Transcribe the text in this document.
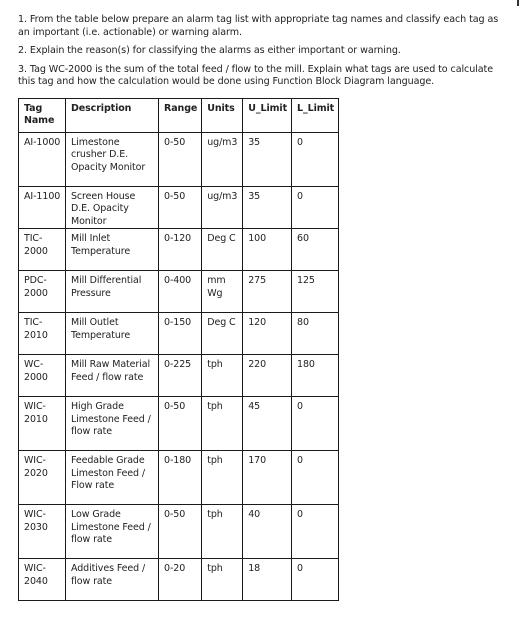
1. From the table below prepare an alarm tag list with appropriate tag names and classify each tag as an important (i.e. actionable) or warning alarm.

2. Explain the reason(s) for classifying the alarms as either important or warning.

3. Tag WC-2000 is the sum of the total feed / flow to the mill. Explain what tags are used to calculate this tag and how the calculation would be done using Function Block Diagram language.

Tag Name	Description	Range	Units	U_Limit	L_Limit
AI-1000	Limestone crusher D.E. Opacity Monitor	0-50	ug/m3	35	0
AI-1100	Screen House D.E. Opacity Monitor	0-50	ug/m3	35	0
TIC-2000	Mill Inlet Temperature	0-120	Deg C	100	60
PDC-2000	Mill Differential Pressure	0-400	mm Wg	275	125
TIC-2010	Mill Outlet Temperature	0-150	Deg C	120	80
WC-2000	Mill Raw Material Feed / flow rate	0-225	tph	220	180
WIC-2010	High Grade Limestone Feed / flow rate	0-50	tph	45	0
WIC-2020	Feedable Grade Limeston Feed / Flow rate	0-180	tph	170	0
WIC-2030	Low Grade Limestone Feed / flow rate	0-50	tph	40	0
WIC-2040	Additives Feed / flow rate	0-20	tph	18	0
